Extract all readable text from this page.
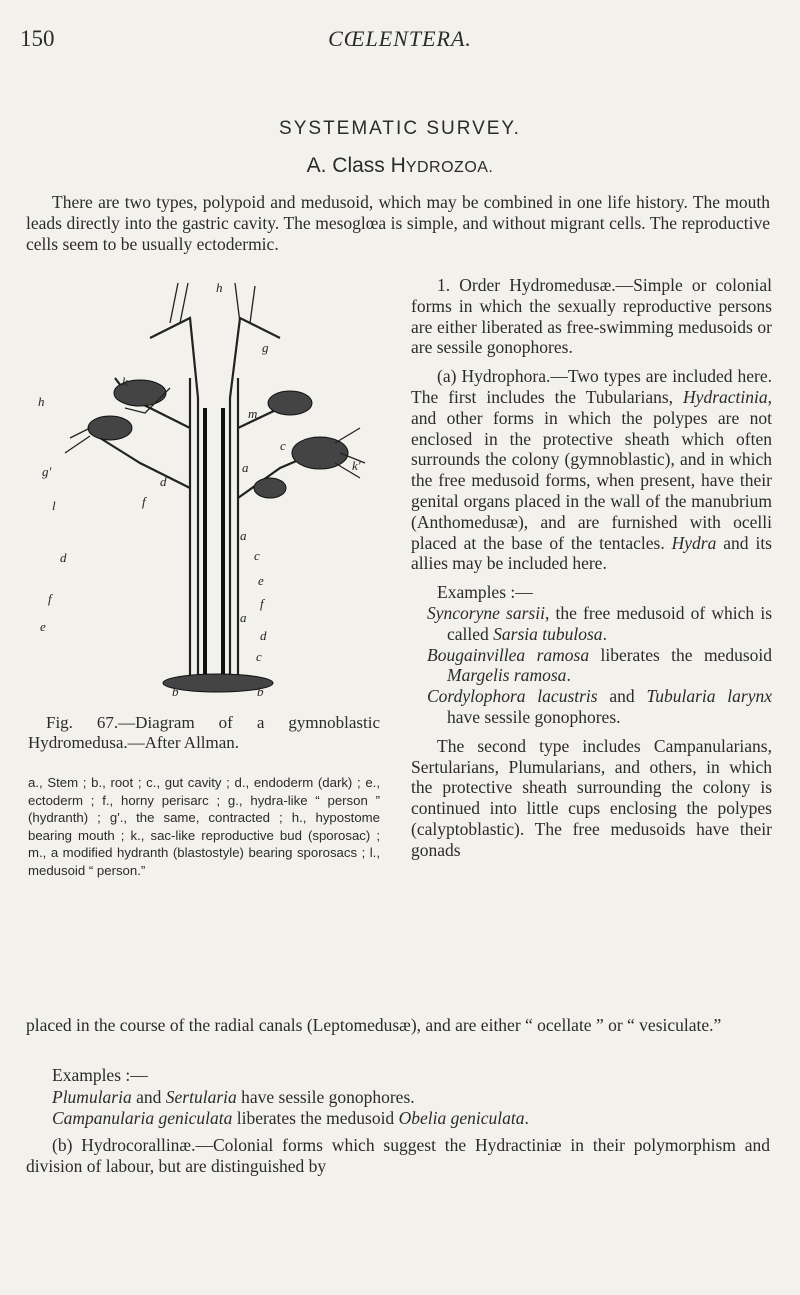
150	CŒLENTERA.
SYSTEMATIC SURVEY.
A. Class HYDROZOA.

There are two types, polypoid and medusoid, which may be combined in one life history. The mouth leads directly into the gastric cavity. The mesoglœa is simple, and without migrant cells. The reproductive cells seem to be usually ectodermic.

1. Order Hydromedusæ.—Simple or colonial forms in which the sexually reproductive persons are either liberated as free-swimming medusoids or are sessile gonophores.

(a) Hydrophora.—Two types are included here. The first includes the Tubularians, Hydractinia, and other forms in which the polypes are not enclosed in the protective sheath which often surrounds the colony (gymnoblastic), and in which the free medusoid forms, when present, have their genital organs placed in the wall of the manubrium (Anthomedusæ), and are furnished with ocelli placed at the base of the tentacles. Hydra and its allies may be included here.

Examples :—

Syncoryne sarsii, the free medusoid of which is called Sarsia tubulosa.

Bougainvillea ramosa liberates the medusoid Margelis ramosa.

Cordylophora lacustris and Tubularia larynx have sessile gonophores.

The second type includes Campanularians, Sertularians, Plumularians, and others, in which the protective sheath surrounding the colony is continued into little cups enclosing the polypes (calyptoblastic). The free medusoids have their gonads

h
g
k
h
m
c
k'
g'	a
d
l	f
d
f
c
a
e
e
f
a
d
c
b	b

Fig. 67.—Diagram of a gymnoblastic Hydromedusa.—After Allman.

a., Stem ; b., root ; c., gut cavity ; d., endoderm (dark) ; e., ectoderm ; f., horny perisarc ; g., hydra-like “ person ” (hydranth) ; g'., the same, contracted ; h., hypostome bearing mouth ; k., sac-like reproductive bud (sporosac) ; m., a modified hydranth (blastostyle) bearing sporosacs ; l., medusoid “ person.”

placed in the course of the radial canals (Leptomedusæ), and are either “ ocellate ” or “ vesiculate.”

Examples :—

Plumularia and Sertularia have sessile gonophores.

Campanularia geniculata liberates the medusoid Obelia geniculata.

(b) Hydrocorallinæ.—Colonial forms which suggest the Hydractiniæ in their polymorphism and division of labour, but are distinguished by
